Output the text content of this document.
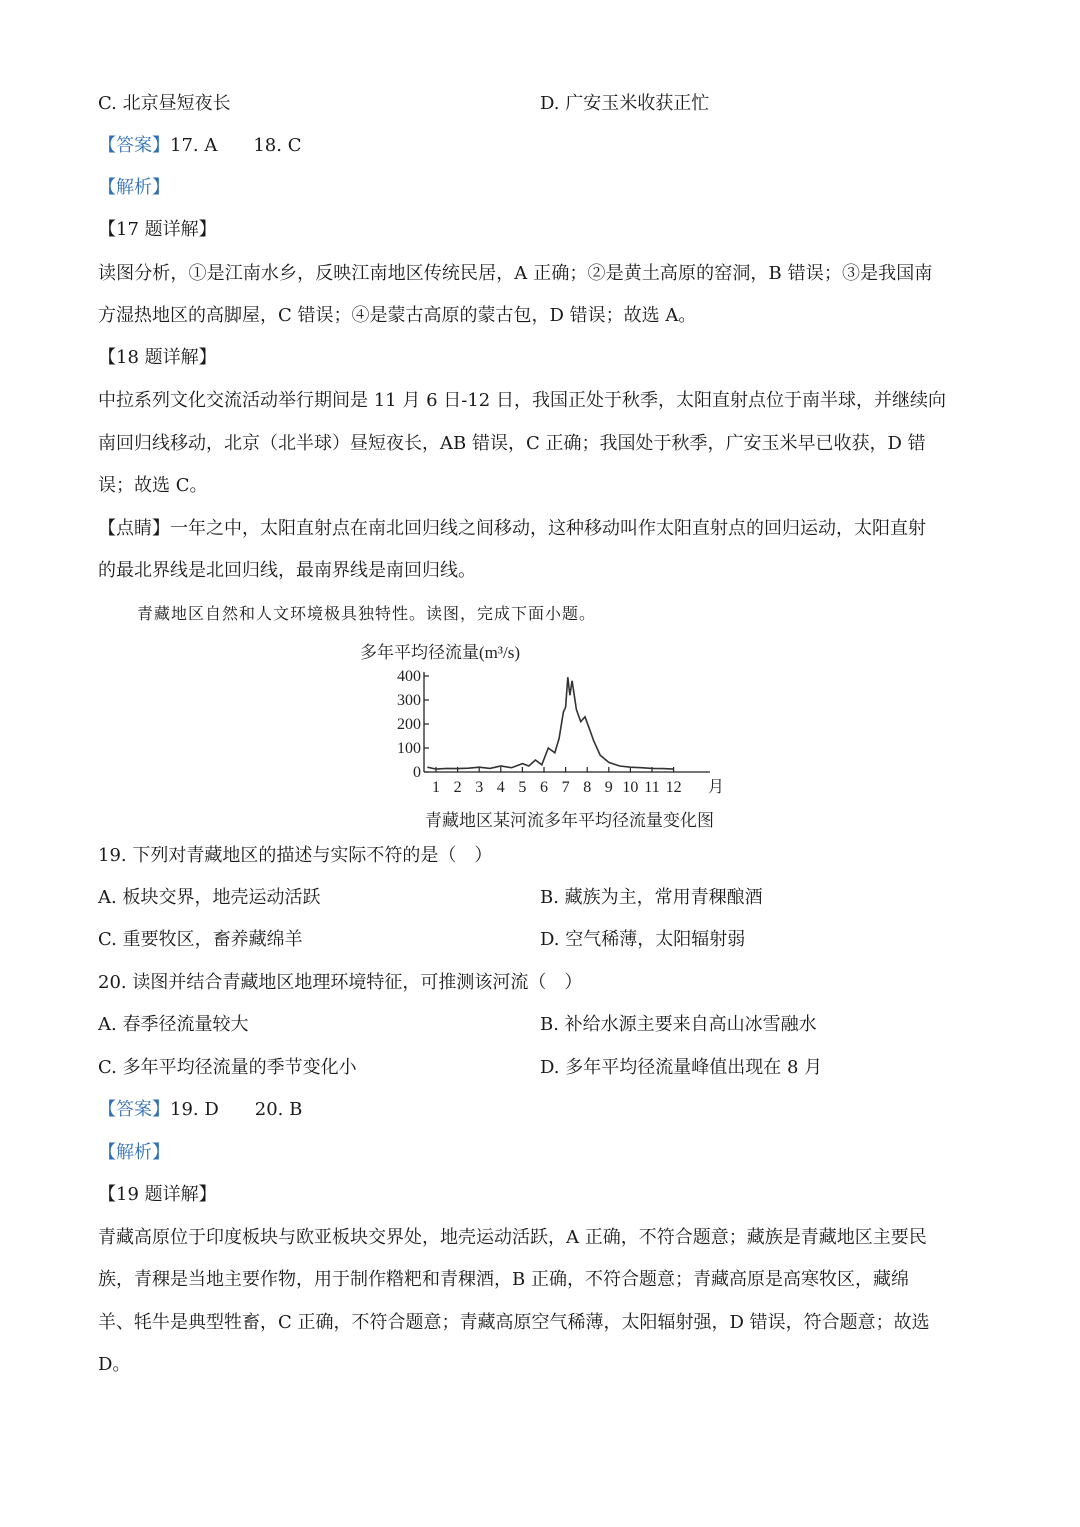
C. 北京昼短夜长	D. 广安玉米收获正忙
【答案】17. A　　18. C
【解析】
【17 题详解】
读图分析，①是江南水乡，反映江南地区传统民居，A 正确；②是黄土高原的窑洞，B 错误；③是我国南
方湿热地区的高脚屋，C 错误；④是蒙古高原的蒙古包，D 错误；故选 A。
【18 题详解】
中拉系列文化交流活动举行期间是 11 月 6 日-12 日，我国正处于秋季，太阳直射点位于南半球，并继续向
南回归线移动，北京（北半球）昼短夜长，AB 错误，C 正确；我国处于秋季，广安玉米早已收获，D 错
误；故选 C。
【点睛】一年之中，太阳直射点在南北回归线之间移动，这种移动叫作太阳直射点的回归运动，太阳直射
的最北界线是北回归线，最南界线是南回归线。
青藏地区自然和人文环境极具独特性。读图，完成下面小题。
多年平均径流量(m³/s)
0
100
200
300
400
1 2 3 4 5 6 7 8 9 10 11 12 月
青藏地区某河流多年平均径流量变化图
19. 下列对青藏地区的描述与实际不符的是（　）
A. 板块交界，地壳运动活跃	B. 藏族为主，常用青稞酿酒
C. 重要牧区，畜养藏绵羊	D. 空气稀薄，太阳辐射弱
20. 读图并结合青藏地区地理环境特征，可推测该河流（　）
A. 春季径流量较大	B. 补给水源主要来自高山冰雪融水
C. 多年平均径流量的季节变化小	D. 多年平均径流量峰值出现在 8 月
【答案】19. D　　20. B
【解析】
【19 题详解】
青藏高原位于印度板块与欧亚板块交界处，地壳运动活跃，A 正确，不符合题意；藏族是青藏地区主要民
族，青稞是当地主要作物，用于制作糌粑和青稞酒，B 正确，不符合题意；青藏高原是高寒牧区，藏绵
羊、牦牛是典型牲畜，C 正确，不符合题意；青藏高原空气稀薄，太阳辐射强，D 错误，符合题意；故选
D。
